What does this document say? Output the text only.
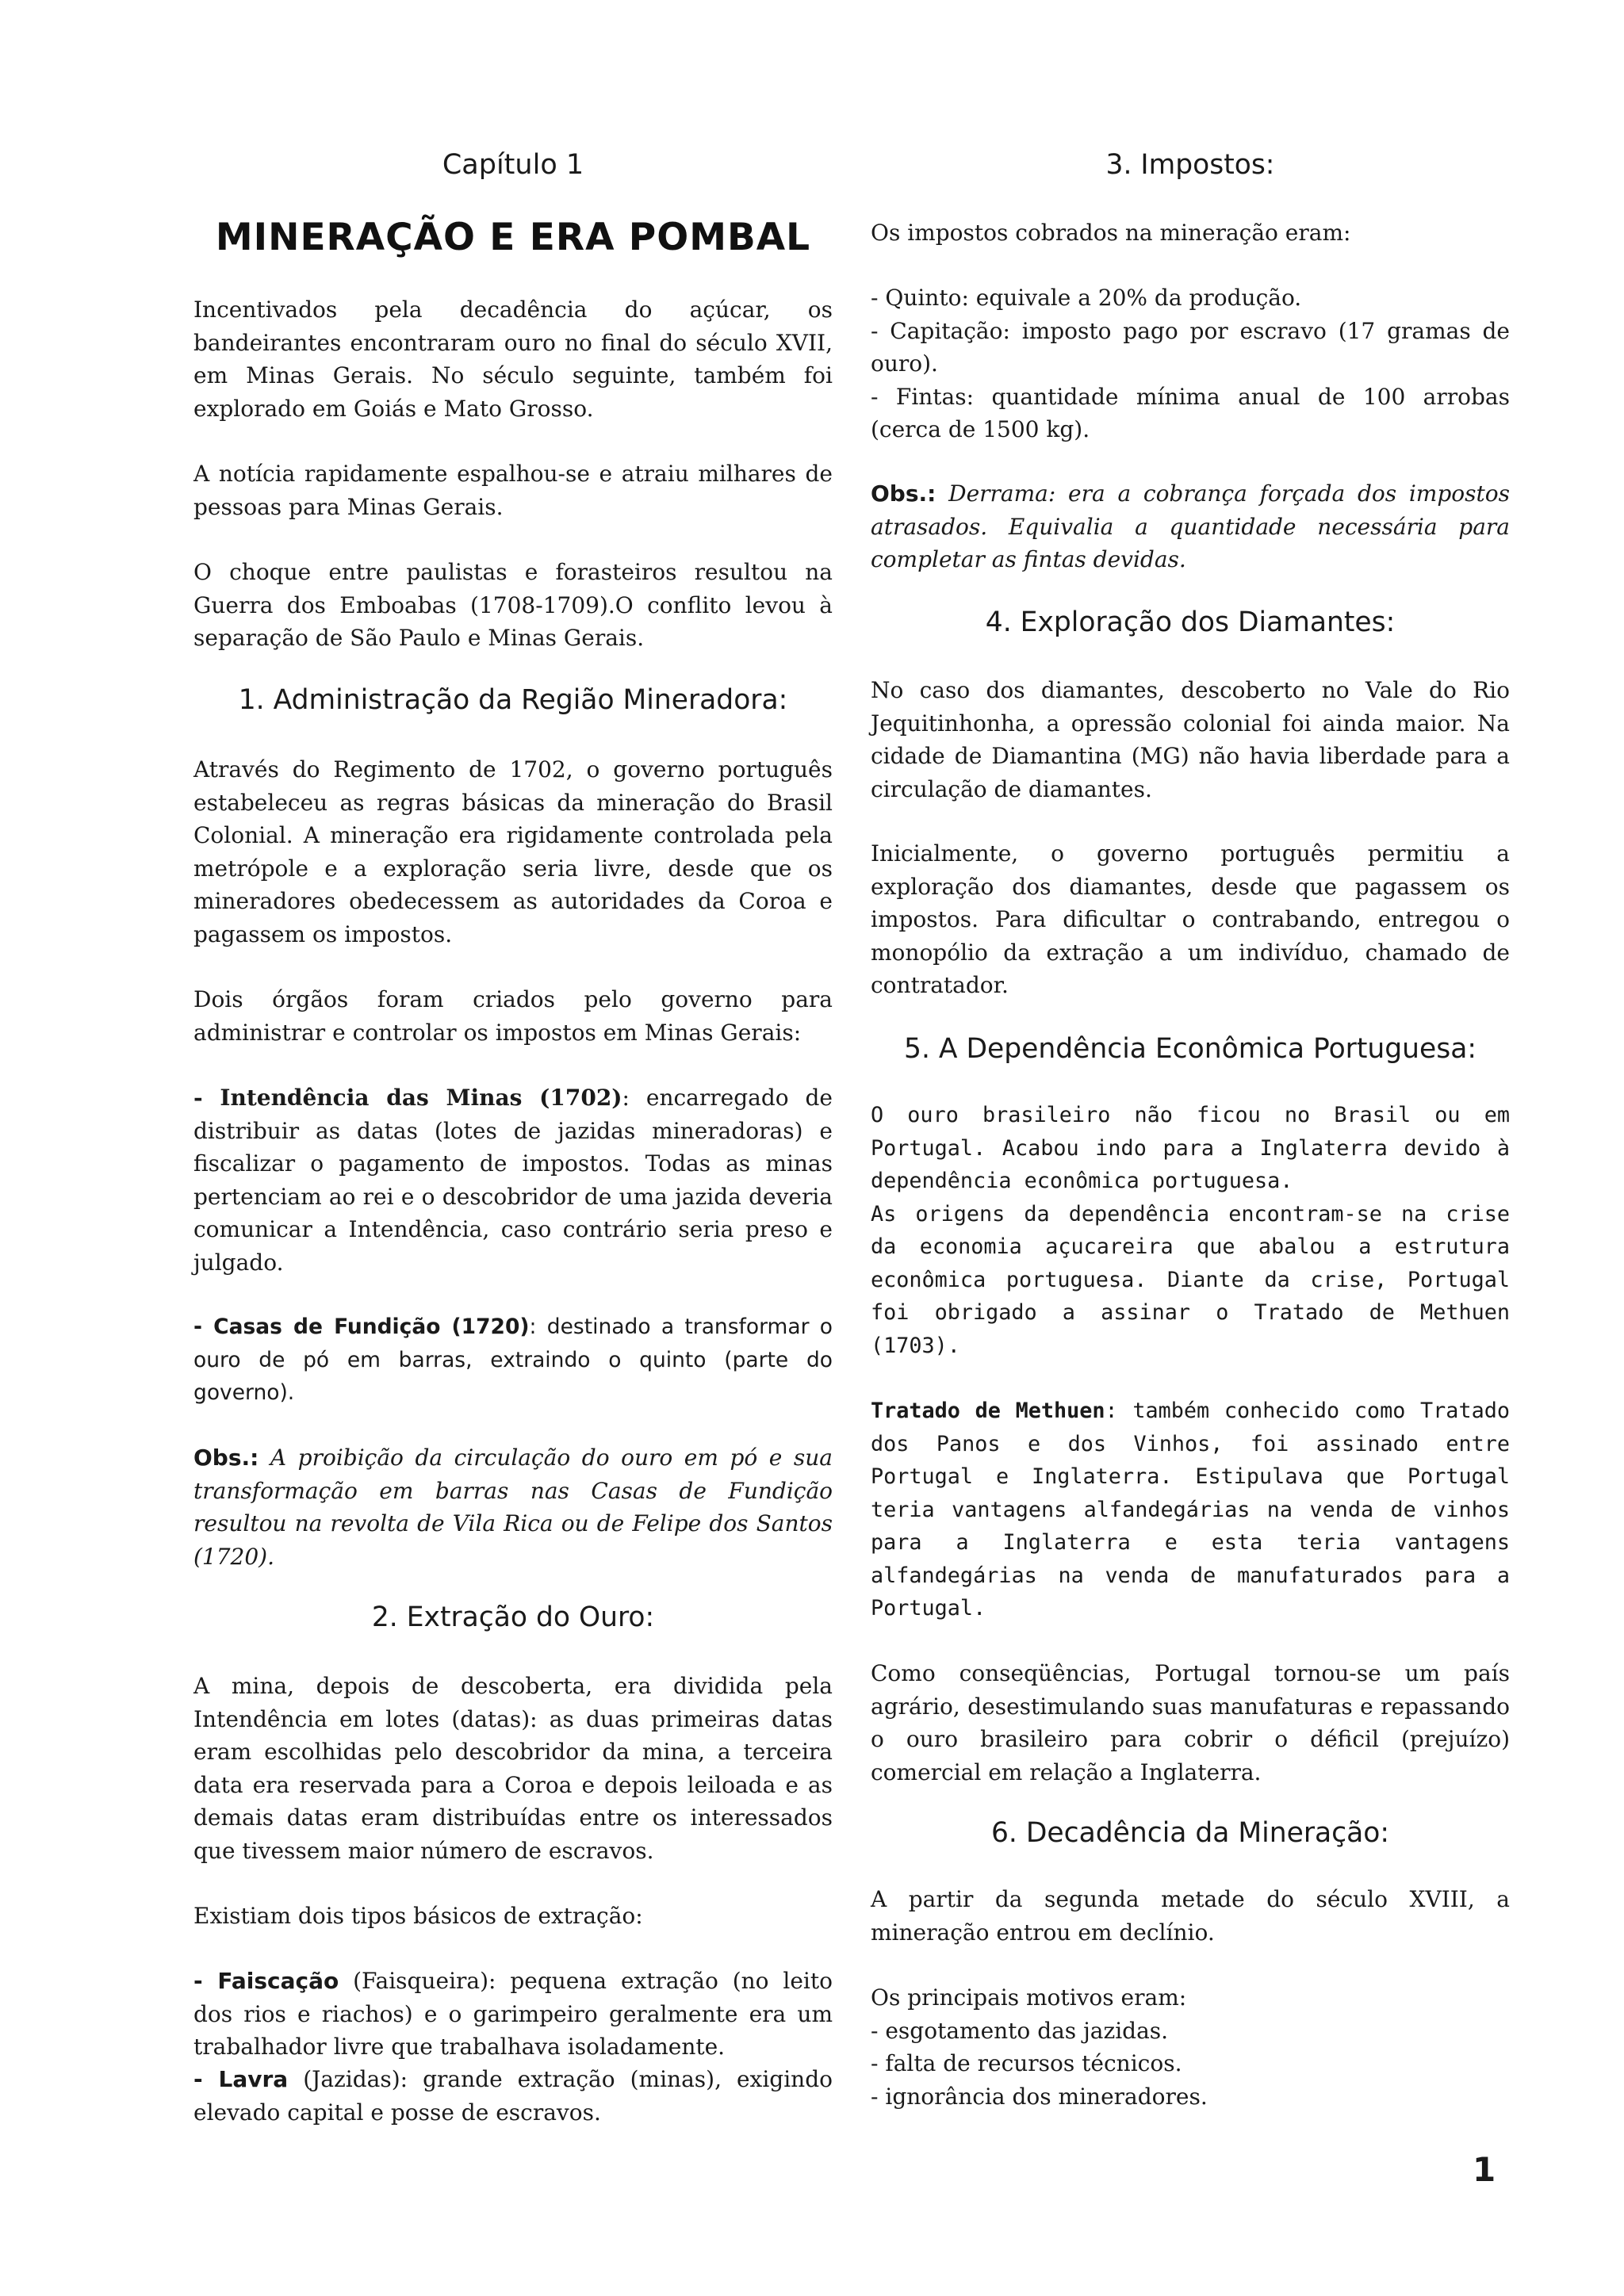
Capítulo 1
MINERAÇÃO E ERA POMBAL

Incentivados pela decadência do açúcar, os bandeirantes encontraram ouro no final do século XVII, em Minas Gerais. No século seguinte, também foi explorado em Goiás e Mato Grosso.

A notícia rapidamente espalhou-se e atraiu milhares de pessoas para Minas Gerais.

O choque entre paulistas e forasteiros resultou na Guerra dos Emboabas (1708-1709).O conflito levou à separação de São Paulo e Minas Gerais.

1. Administração da Região Mineradora:

Através do Regimento de 1702, o governo português estabeleceu as regras básicas da mineração do Brasil Colonial. A mineração era rigidamente controlada pela metrópole e a exploração seria livre, desde que os mineradores obedecessem as autoridades da Coroa e pagassem os impostos.

Dois órgãos foram criados pelo governo para administrar e controlar os impostos em Minas Gerais:

- Intendência das Minas (1702): encarregado de distribuir as datas (lotes de jazidas mineradoras) e fiscalizar o pagamento de impostos. Todas as minas pertenciam ao rei e o descobridor de uma jazida deveria comunicar a Intendência, caso contrário seria preso e julgado.

- Casas de Fundição (1720): destinado a transformar o ouro de pó em barras, extraindo o quinto (parte do governo).

Obs.: A proibição da circulação do ouro em pó e sua transformação em barras nas Casas de Fundição resultou na revolta de Vila Rica ou de Felipe dos Santos (1720).

2. Extração do Ouro:

A mina, depois de descoberta, era dividida pela Intendência em lotes (datas): as duas primeiras datas eram escolhidas pelo descobridor da mina, a terceira data era reservada para a Coroa e depois leiloada e as demais datas eram distribuídas entre os interessados que tivessem maior número de escravos.

Existiam dois tipos básicos de extração:

- Faiscação (Faisqueira): pequena extração (no leito dos rios e riachos) e o garimpeiro geralmente era um trabalhador livre que trabalhava isoladamente.

- Lavra (Jazidas): grande extração (minas), exigindo elevado capital e posse de escravos.

3. Impostos:

Os impostos cobrados na mineração eram:

- Quinto: equivale a 20% da produção.

- Capitação: imposto pago por escravo (17 gramas de ouro).

- Fintas: quantidade mínima anual de 100 arrobas (cerca de 1500 kg).

Obs.: Derrama: era a cobrança forçada dos impostos atrasados. Equivalia a quantidade necessária para completar as fintas devidas.

4. Exploração dos Diamantes:

No caso dos diamantes, descoberto no Vale do Rio Jequitinhonha, a opressão colonial foi ainda maior. Na cidade de Diamantina (MG) não havia liberdade para a circulação de diamantes.

Inicialmente, o governo português permitiu a exploração dos diamantes, desde que pagassem os impostos. Para dificultar o contrabando, entregou o monopólio da extração a um indivíduo, chamado de contratador.

5. A Dependência Econômica Portuguesa:

O ouro brasileiro não ficou no Brasil ou em Portugal. Acabou indo para a Inglaterra devido à dependência econômica portuguesa.

As origens da dependência encontram-se na crise da economia açucareira que abalou a estrutura econômica portuguesa. Diante da crise, Portugal foi obrigado a assinar o Tratado de Methuen (1703).

Tratado de Methuen: também conhecido como Tratado dos Panos e dos Vinhos, foi assinado entre Portugal e Inglaterra. Estipulava que Portugal teria vantagens alfandegárias na venda de vinhos para a Inglaterra e esta teria vantagens alfandegárias na venda de manufaturados para a Portugal.

Como conseqüências, Portugal tornou-se um país agrário, desestimulando suas manufaturas e repassando o ouro brasileiro para cobrir o déficil (prejuízo) comercial em relação a Inglaterra.

6. Decadência da Mineração:

A partir da segunda metade do século XVIII, a mineração entrou em declínio.

Os principais motivos eram:

- esgotamento das jazidas.

- falta de recursos técnicos.

- ignorância dos mineradores.

1
